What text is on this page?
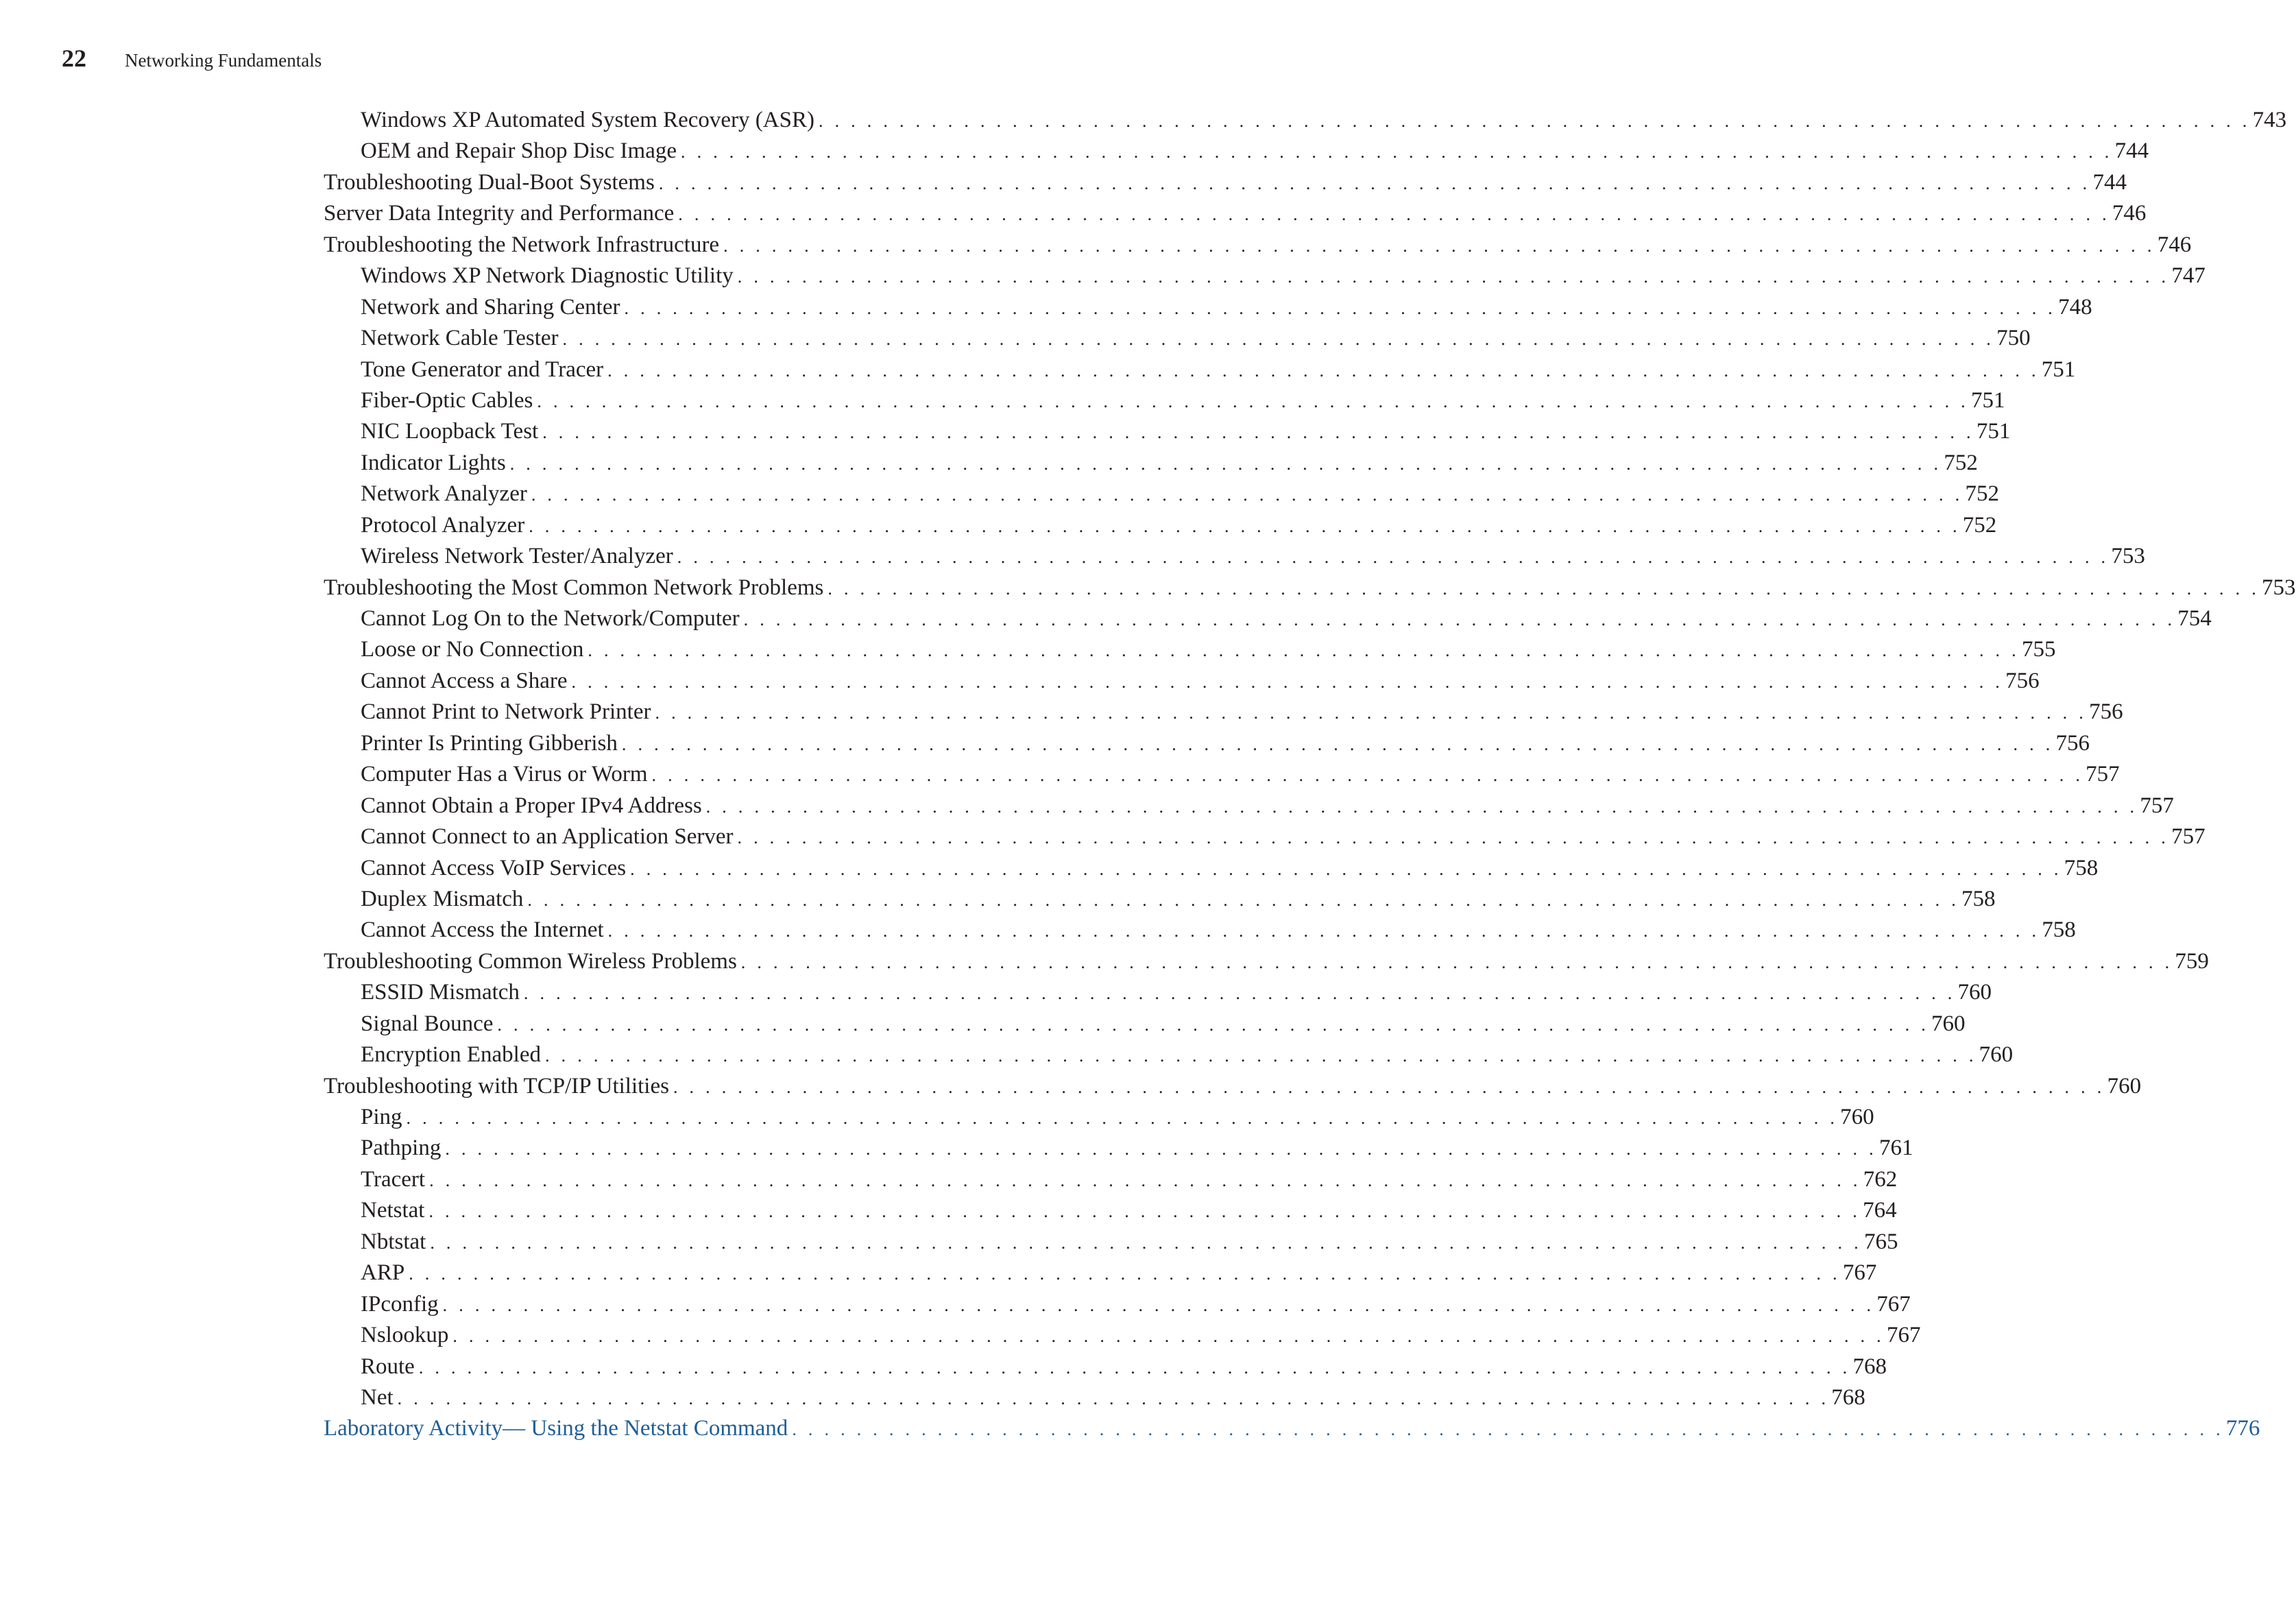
22	Networking Fundamentals
Windows XP Automated System Recovery (ASR) . . . . . . . . . . . . . . . . . . . . . . . . . . . . . . . . . . . . . . . . . . . . . . . . . . . . . . . . . . . . . . . . . . . . . . . . . . . . . . . . . . . . . . . . . 743
OEM and Repair Shop Disc Image . . . . . . . . . . . . . . . . . . . . . . . . . . . . . . . . . . . . . . . . . . . . . . . . . . . . . . . . . . . . . . . . . . . . . . . . . . . . . . . . . . . . . . . . . 744
Troubleshooting Dual-Boot Systems . . . . . . . . . . . . . . . . . . . . . . . . . . . . . . . . . . . . . . . . . . . . . . . . . . . . . . . . . . . . . . . . . . . . . . . . . . . . . . . . . . . . . . . . . 744
Server Data Integrity and Performance . . . . . . . . . . . . . . . . . . . . . . . . . . . . . . . . . . . . . . . . . . . . . . . . . . . . . . . . . . . . . . . . . . . . . . . . . . . . . . . . . . . . . . . . . 746
Troubleshooting the Network Infrastructure . . . . . . . . . . . . . . . . . . . . . . . . . . . . . . . . . . . . . . . . . . . . . . . . . . . . . . . . . . . . . . . . . . . . . . . . . . . . . . . . . . . . . . . . . 746
Windows XP Network Diagnostic Utility . . . . . . . . . . . . . . . . . . . . . . . . . . . . . . . . . . . . . . . . . . . . . . . . . . . . . . . . . . . . . . . . . . . . . . . . . . . . . . . . . . . . . . . . . 747
Network and Sharing Center . . . . . . . . . . . . . . . . . . . . . . . . . . . . . . . . . . . . . . . . . . . . . . . . . . . . . . . . . . . . . . . . . . . . . . . . . . . . . . . . . . . . . . . . . 748
Network Cable Tester . . . . . . . . . . . . . . . . . . . . . . . . . . . . . . . . . . . . . . . . . . . . . . . . . . . . . . . . . . . . . . . . . . . . . . . . . . . . . . . . . . . . . . . . . 750
Tone Generator and Tracer . . . . . . . . . . . . . . . . . . . . . . . . . . . . . . . . . . . . . . . . . . . . . . . . . . . . . . . . . . . . . . . . . . . . . . . . . . . . . . . . . . . . . . . . . 751
Fiber-Optic Cables . . . . . . . . . . . . . . . . . . . . . . . . . . . . . . . . . . . . . . . . . . . . . . . . . . . . . . . . . . . . . . . . . . . . . . . . . . . . . . . . . . . . . . . . . 751
NIC Loopback Test . . . . . . . . . . . . . . . . . . . . . . . . . . . . . . . . . . . . . . . . . . . . . . . . . . . . . . . . . . . . . . . . . . . . . . . . . . . . . . . . . . . . . . . . . 751
Indicator Lights . . . . . . . . . . . . . . . . . . . . . . . . . . . . . . . . . . . . . . . . . . . . . . . . . . . . . . . . . . . . . . . . . . . . . . . . . . . . . . . . . . . . . . . . . 752
Network Analyzer . . . . . . . . . . . . . . . . . . . . . . . . . . . . . . . . . . . . . . . . . . . . . . . . . . . . . . . . . . . . . . . . . . . . . . . . . . . . . . . . . . . . . . . . . 752
Protocol Analyzer . . . . . . . . . . . . . . . . . . . . . . . . . . . . . . . . . . . . . . . . . . . . . . . . . . . . . . . . . . . . . . . . . . . . . . . . . . . . . . . . . . . . . . . . . 752
Wireless Network Tester/Analyzer . . . . . . . . . . . . . . . . . . . . . . . . . . . . . . . . . . . . . . . . . . . . . . . . . . . . . . . . . . . . . . . . . . . . . . . . . . . . . . . . . . . . . . . . . 753
Troubleshooting the Most Common Network Problems . . . . . . . . . . . . . . . . . . . . . . . . . . . . . . . . . . . . . . . . . . . . . . . . . . . . . . . . . . . . . . . . . . . . . . . . . . . . . . . . . . . . . . . . . 753
Cannot Log On to the Network/Computer . . . . . . . . . . . . . . . . . . . . . . . . . . . . . . . . . . . . . . . . . . . . . . . . . . . . . . . . . . . . . . . . . . . . . . . . . . . . . . . . . . . . . . . . . 754
Loose or No Connection . . . . . . . . . . . . . . . . . . . . . . . . . . . . . . . . . . . . . . . . . . . . . . . . . . . . . . . . . . . . . . . . . . . . . . . . . . . . . . . . . . . . . . . . . 755
Cannot Access a Share . . . . . . . . . . . . . . . . . . . . . . . . . . . . . . . . . . . . . . . . . . . . . . . . . . . . . . . . . . . . . . . . . . . . . . . . . . . . . . . . . . . . . . . . . 756
Cannot Print to Network Printer . . . . . . . . . . . . . . . . . . . . . . . . . . . . . . . . . . . . . . . . . . . . . . . . . . . . . . . . . . . . . . . . . . . . . . . . . . . . . . . . . . . . . . . . . 756
Printer Is Printing Gibberish . . . . . . . . . . . . . . . . . . . . . . . . . . . . . . . . . . . . . . . . . . . . . . . . . . . . . . . . . . . . . . . . . . . . . . . . . . . . . . . . . . . . . . . . . 756
Computer Has a Virus or Worm . . . . . . . . . . . . . . . . . . . . . . . . . . . . . . . . . . . . . . . . . . . . . . . . . . . . . . . . . . . . . . . . . . . . . . . . . . . . . . . . . . . . . . . . . 757
Cannot Obtain a Proper IPv4 Address . . . . . . . . . . . . . . . . . . . . . . . . . . . . . . . . . . . . . . . . . . . . . . . . . . . . . . . . . . . . . . . . . . . . . . . . . . . . . . . . . . . . . . . . . 757
Cannot Connect to an Application Server . . . . . . . . . . . . . . . . . . . . . . . . . . . . . . . . . . . . . . . . . . . . . . . . . . . . . . . . . . . . . . . . . . . . . . . . . . . . . . . . . . . . . . . . . 757
Cannot Access VoIP Services . . . . . . . . . . . . . . . . . . . . . . . . . . . . . . . . . . . . . . . . . . . . . . . . . . . . . . . . . . . . . . . . . . . . . . . . . . . . . . . . . . . . . . . . . 758
Duplex Mismatch . . . . . . . . . . . . . . . . . . . . . . . . . . . . . . . . . . . . . . . . . . . . . . . . . . . . . . . . . . . . . . . . . . . . . . . . . . . . . . . . . . . . . . . . . 758
Cannot Access the Internet . . . . . . . . . . . . . . . . . . . . . . . . . . . . . . . . . . . . . . . . . . . . . . . . . . . . . . . . . . . . . . . . . . . . . . . . . . . . . . . . . . . . . . . . . 758
Troubleshooting Common Wireless Problems . . . . . . . . . . . . . . . . . . . . . . . . . . . . . . . . . . . . . . . . . . . . . . . . . . . . . . . . . . . . . . . . . . . . . . . . . . . . . . . . . . . . . . . . . 759
ESSID Mismatch . . . . . . . . . . . . . . . . . . . . . . . . . . . . . . . . . . . . . . . . . . . . . . . . . . . . . . . . . . . . . . . . . . . . . . . . . . . . . . . . . . . . . . . . . 760
Signal Bounce . . . . . . . . . . . . . . . . . . . . . . . . . . . . . . . . . . . . . . . . . . . . . . . . . . . . . . . . . . . . . . . . . . . . . . . . . . . . . . . . . . . . . . . . . 760
Encryption Enabled . . . . . . . . . . . . . . . . . . . . . . . . . . . . . . . . . . . . . . . . . . . . . . . . . . . . . . . . . . . . . . . . . . . . . . . . . . . . . . . . . . . . . . . . . 760
Troubleshooting with TCP/IP Utilities . . . . . . . . . . . . . . . . . . . . . . . . . . . . . . . . . . . . . . . . . . . . . . . . . . . . . . . . . . . . . . . . . . . . . . . . . . . . . . . . . . . . . . . . . 760
Ping . . . . . . . . . . . . . . . . . . . . . . . . . . . . . . . . . . . . . . . . . . . . . . . . . . . . . . . . . . . . . . . . . . . . . . . . . . . . . . . . . . . . . . . . . 760
Pathping . . . . . . . . . . . . . . . . . . . . . . . . . . . . . . . . . . . . . . . . . . . . . . . . . . . . . . . . . . . . . . . . . . . . . . . . . . . . . . . . . . . . . . . . . 761
Tracert . . . . . . . . . . . . . . . . . . . . . . . . . . . . . . . . . . . . . . . . . . . . . . . . . . . . . . . . . . . . . . . . . . . . . . . . . . . . . . . . . . . . . . . . . 762
Netstat . . . . . . . . . . . . . . . . . . . . . . . . . . . . . . . . . . . . . . . . . . . . . . . . . . . . . . . . . . . . . . . . . . . . . . . . . . . . . . . . . . . . . . . . . 764
Nbtstat . . . . . . . . . . . . . . . . . . . . . . . . . . . . . . . . . . . . . . . . . . . . . . . . . . . . . . . . . . . . . . . . . . . . . . . . . . . . . . . . . . . . . . . . . 765
ARP . . . . . . . . . . . . . . . . . . . . . . . . . . . . . . . . . . . . . . . . . . . . . . . . . . . . . . . . . . . . . . . . . . . . . . . . . . . . . . . . . . . . . . . . . 767
IPconfig . . . . . . . . . . . . . . . . . . . . . . . . . . . . . . . . . . . . . . . . . . . . . . . . . . . . . . . . . . . . . . . . . . . . . . . . . . . . . . . . . . . . . . . . . 767
Nslookup . . . . . . . . . . . . . . . . . . . . . . . . . . . . . . . . . . . . . . . . . . . . . . . . . . . . . . . . . . . . . . . . . . . . . . . . . . . . . . . . . . . . . . . . . 767
Route . . . . . . . . . . . . . . . . . . . . . . . . . . . . . . . . . . . . . . . . . . . . . . . . . . . . . . . . . . . . . . . . . . . . . . . . . . . . . . . . . . . . . . . . . 768
Net . . . . . . . . . . . . . . . . . . . . . . . . . . . . . . . . . . . . . . . . . . . . . . . . . . . . . . . . . . . . . . . . . . . . . . . . . . . . . . . . . . . . . . . . . 768
Laboratory Activity— Using the Netstat Command . . . . . . . . . . . . . . . . . . . . . . . . . . . . . . . . . . . . . . . . . . . . . . . . . . . . . . . . . . . . . . . . . . . . . . . . . . . . . . . . . . . . . . . . . 776
